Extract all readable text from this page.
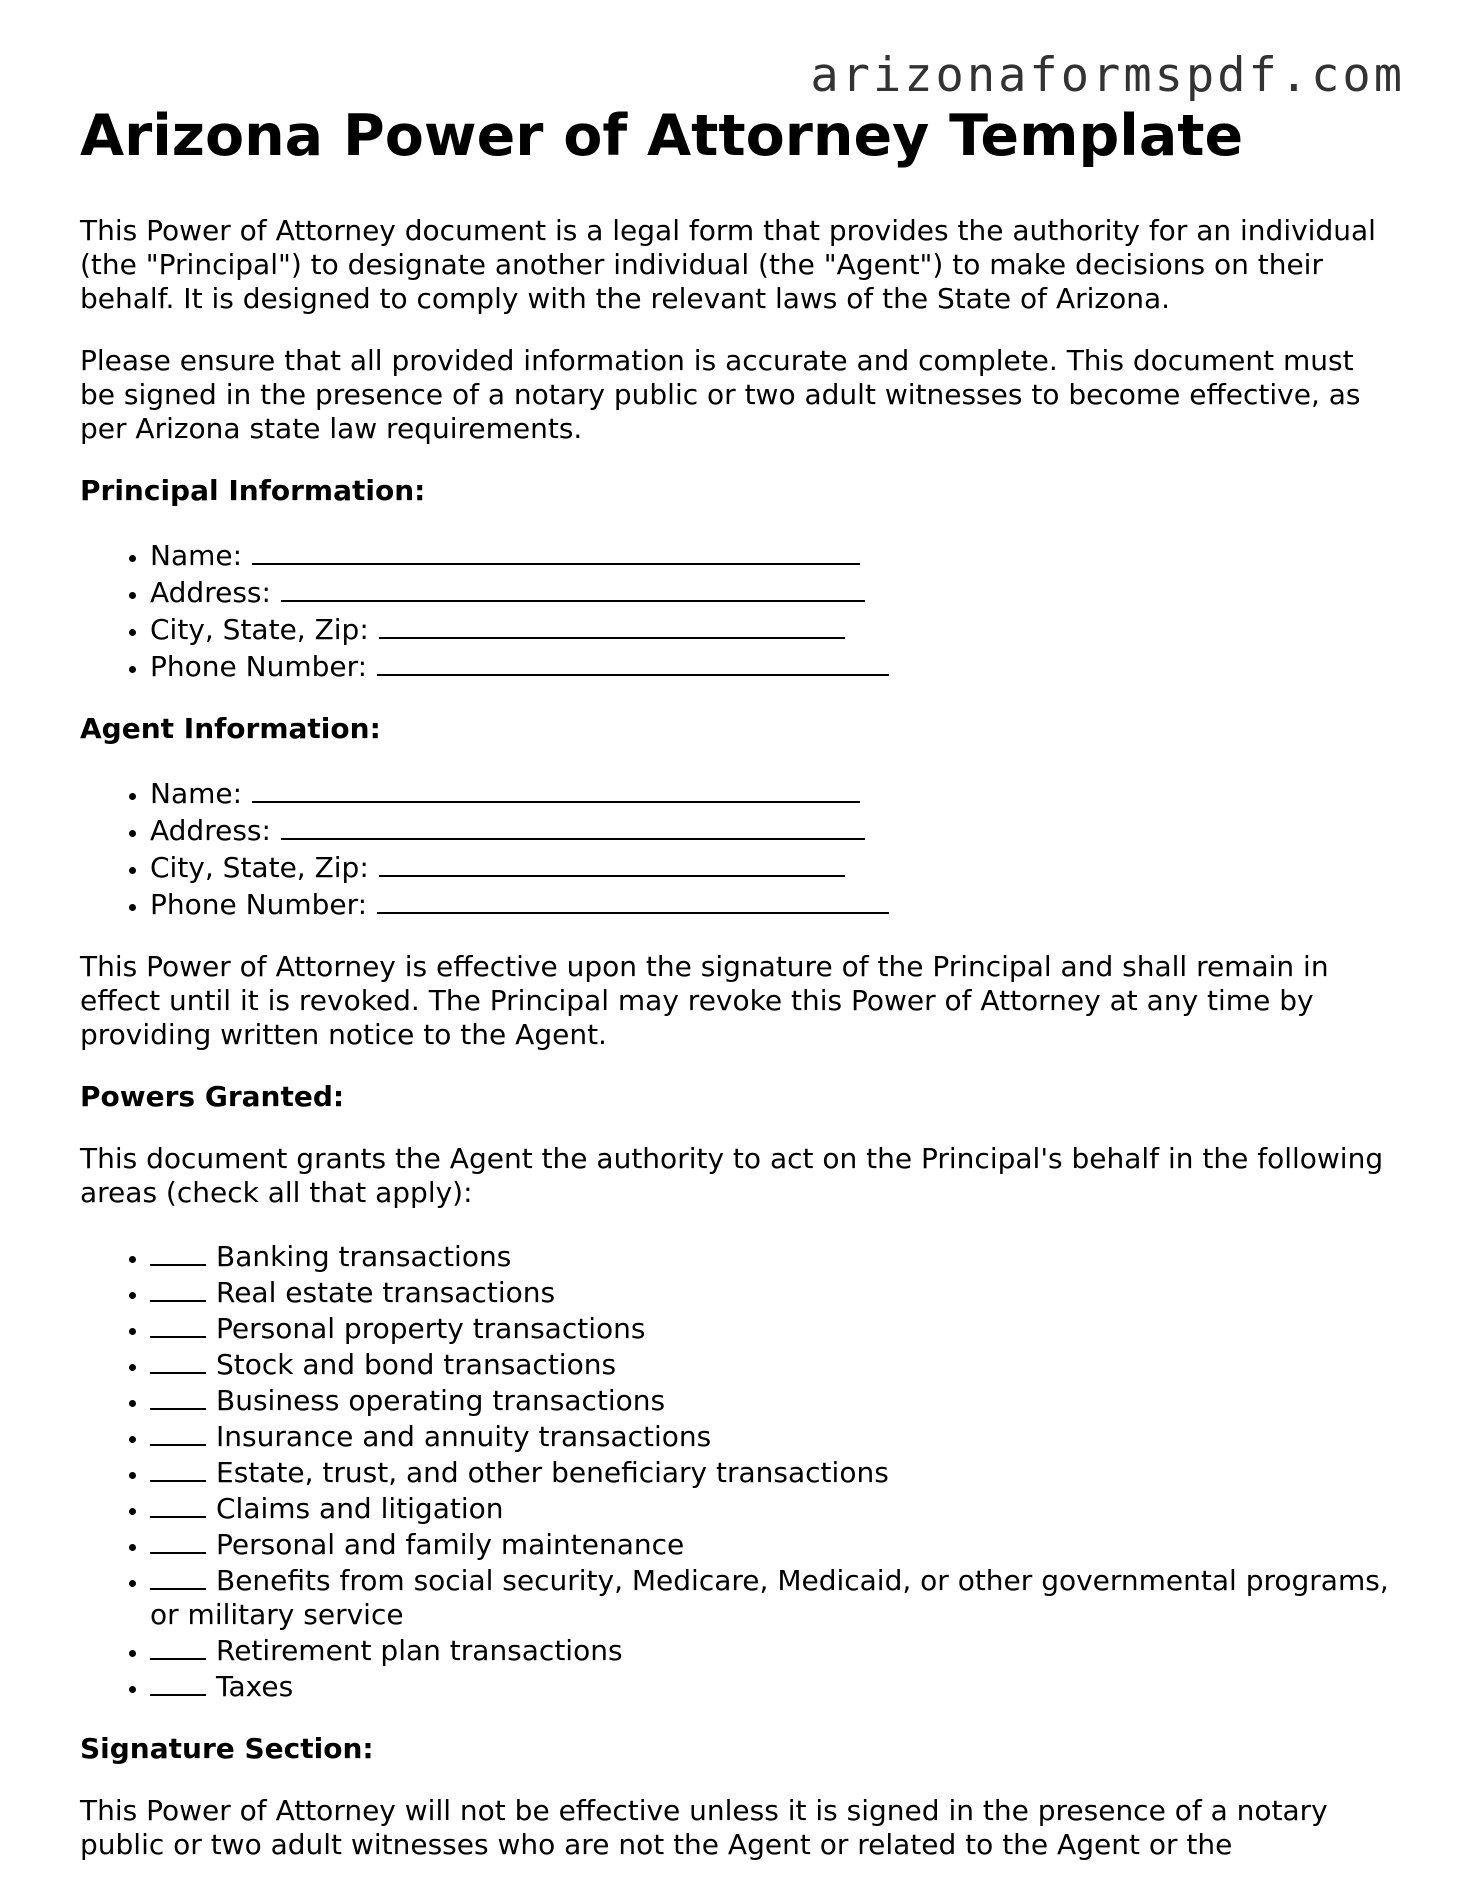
arizonaformspdf.com
Arizona Power of Attorney Template

This Power of Attorney document is a legal form that provides the authority for an individual (the "Principal") to designate another individual (the "Agent") to make decisions on their behalf. It is designed to comply with the relevant laws of the State of Arizona.

Please ensure that all provided information is accurate and complete. This document must be signed in the presence of a notary public or two adult witnesses to become effective, as per Arizona state law requirements.

Principal Information:
• Name:
• Address:
• City, State, Zip:
• Phone Number:
Agent Information:
• Name:
• Address:
• City, State, Zip:
• Phone Number:

This Power of Attorney is effective upon the signature of the Principal and shall remain in effect until it is revoked. The Principal may revoke this Power of Attorney at any time by providing written notice to the Agent.

Powers Granted:

This document grants the Agent the authority to act on the Principal's behalf in the following areas (check all that apply):

• Banking transactions
• Real estate transactions
• Personal property transactions
• Stock and bond transactions
• Business operating transactions
• Insurance and annuity transactions
• Estate, trust, and other beneficiary transactions
• Claims and litigation
• Personal and family maintenance
• Benefits from social security, Medicare, Medicaid, or other governmental programs, or military service
• Retirement plan transactions
• Taxes
Signature Section:

This Power of Attorney will not be effective unless it is signed in the presence of a notary public or two adult witnesses who are not the Agent or related to the Agent or the
